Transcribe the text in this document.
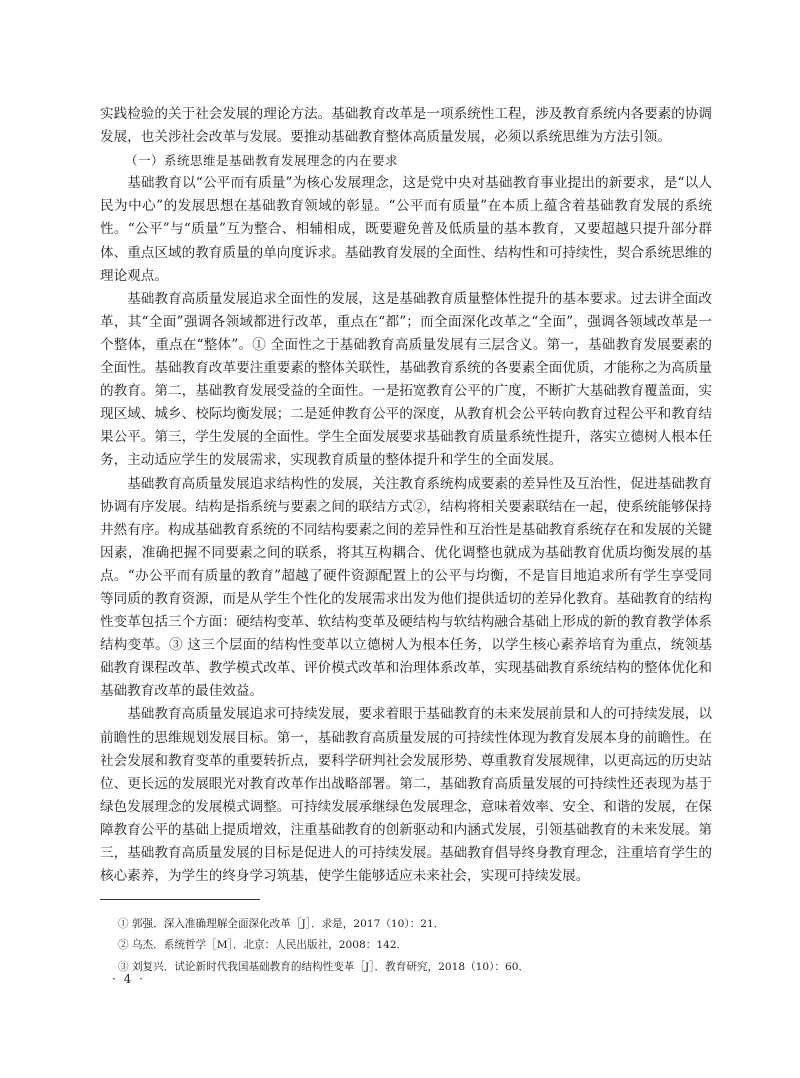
实践检验的关于社会发展的理论方法。基础教育改革是一项系统性工程，涉及教育系统内各要素的协调发展，也关涉社会改革与发展。要推动基础教育整体高质量发展，必须以系统思维为方法引领。

（一）系统思维是基础教育发展理念的内在要求

基础教育以“公平而有质量”为核心发展理念，这是党中央对基础教育事业提出的新要求，是“以人民为中心”的发展思想在基础教育领域的彰显。“公平而有质量”在本质上蕴含着基础教育发展的系统性。“公平”与“质量”互为整合、相辅相成，既要避免普及低质量的基本教育，又要超越只提升部分群体、重点区域的教育质量的单向度诉求。基础教育发展的全面性、结构性和可持续性，契合系统思维的理论观点。

基础教育高质量发展追求全面性的发展，这是基础教育质量整体性提升的基本要求。过去讲全面改革，其“全面”强调各领域都进行改革，重点在“都”；而全面深化改革之“全面”，强调各领域改革是一个整体，重点在“整体”。① 全面性之于基础教育高质量发展有三层含义。第一，基础教育发展要素的全面性。基础教育改革要注重要素的整体关联性，基础教育系统的各要素全面优质，才能称之为高质量的教育。第二，基础教育发展受益的全面性。一是拓宽教育公平的广度，不断扩大基础教育覆盖面，实现区域、城乡、校际均衡发展；二是延伸教育公平的深度，从教育机会公平转向教育过程公平和教育结果公平。第三，学生发展的全面性。学生全面发展要求基础教育质量系统性提升，落实立德树人根本任务，主动适应学生的发展需求，实现教育质量的整体提升和学生的全面发展。

基础教育高质量发展追求结构性的发展，关注教育系统构成要素的差异性及互治性，促进基础教育协调有序发展。结构是指系统与要素之间的联结方式②，结构将相关要素联结在一起，使系统能够保持井然有序。构成基础教育系统的不同结构要素之间的差异性和互治性是基础教育系统存在和发展的关键因素，准确把握不同要素之间的联系，将其互构耦合、优化调整也就成为基础教育优质均衡发展的基点。“办公平而有质量的教育”超越了硬件资源配置上的公平与均衡，不是盲目地追求所有学生享受同等同质的教育资源，而是从学生个性化的发展需求出发为他们提供适切的差异化教育。基础教育的结构性变革包括三个方面：硬结构变革、软结构变革及硬结构与软结构融合基础上形成的新的教育教学体系结构变革。③ 这三个层面的结构性变革以立德树人为根本任务，以学生核心素养培育为重点，统领基础教育课程改革、教学模式改革、评价模式改革和治理体系改革，实现基础教育系统结构的整体优化和基础教育改革的最佳效益。

基础教育高质量发展追求可持续发展，要求着眼于基础教育的未来发展前景和人的可持续发展，以前瞻性的思维规划发展目标。第一，基础教育高质量发展的可持续性体现为教育发展本身的前瞻性。在社会发展和教育变革的重要转折点，要科学研判社会发展形势、尊重教育发展规律，以更高远的历史站位、更长远的发展眼光对教育改革作出战略部署。第二，基础教育高质量发展的可持续性还表现为基于绿色发展理念的发展模式调整。可持续发展承继绿色发展理念，意味着效率、安全、和谐的发展，在保障教育公平的基础上提质增效，注重基础教育的创新驱动和内涵式发展，引领基础教育的未来发展。第三，基础教育高质量发展的目标是促进人的可持续发展。基础教育倡导终身教育理念，注重培育学生的核心素养，为学生的终身学习筑基，使学生能够适应未来社会，实现可持续发展。

① 郭强．深入准确理解全面深化改革［J］．求是，2017（10）：21．
② 乌杰．系统哲学［M］．北京：人民出版社，2008：142．
③ 刘复兴．试论新时代我国基础教育的结构性变革［J］．教育研究，2018（10）：60．
· 4 ·
